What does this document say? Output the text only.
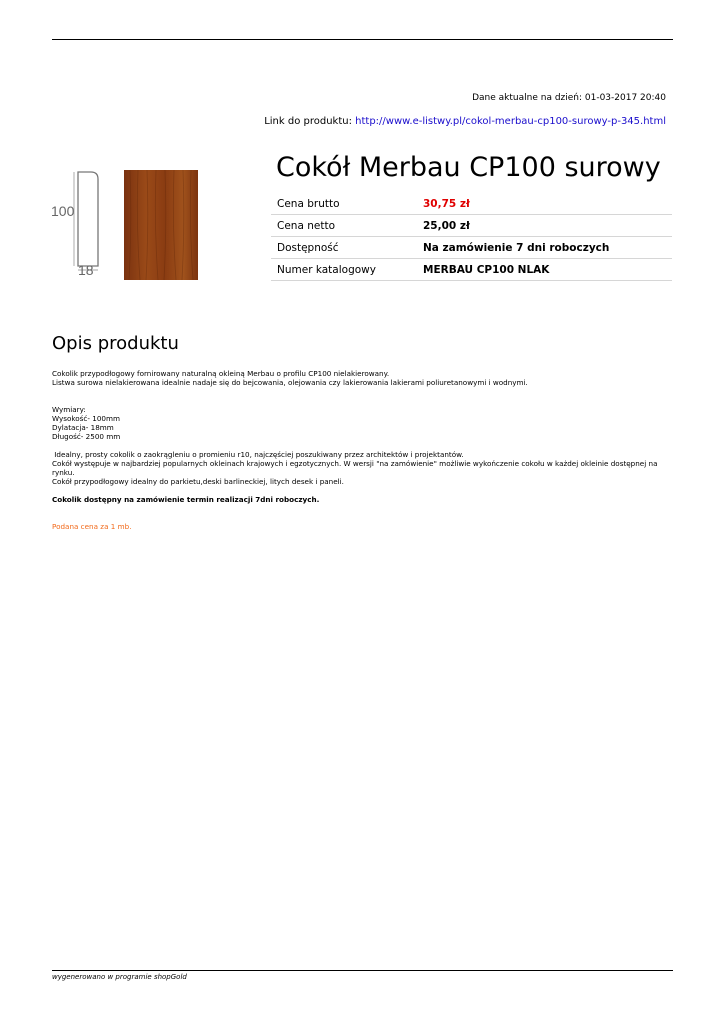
Dane aktualne na dzień: 01-03-2017 20:40
Link do produktu: http://www.e-listwy.pl/cokol-merbau-cp100-surowy-p-345.html
100
18
Cokół Merbau CP100 surowy
Cena brutto	30,75 zł
Cena netto	25,00 zł
Dostępność	Na zamówienie 7 dni roboczych
Numer katalogowy	MERBAU CP100 NLAK
Opis produktu

Cokolik przypodłogowy fornirowany naturalną okleiną Merbau o profilu CP100 nielakierowany.

Listwa surowa nielakierowana idealnie nadaje się do bejcowania, olejowania czy lakierowania lakierami poliuretanowymi i wodnymi.

Wymiary:

Wysokość- 100mm

Dylatacja- 18mm

Długość- 2500 mm

Idealny, prosty cokolik o zaokrągleniu o promieniu r10, najczęściej poszukiwany przez architektów i projektantów.

Cokół występuje w najbardziej popularnych okleinach krajowych i egzotycznych. W wersji "na zamówienie" możliwie wykończenie cokołu w każdej okleinie dostępnej na rynku.

Cokół przypodłogowy idealny do parkietu,deski barlineckiej, litych desek i paneli.

Cokolik dostępny na zamówienie termin realizacji 7dni roboczych.

Podana cena za 1 mb.

wygenerowano w programie shopGold
